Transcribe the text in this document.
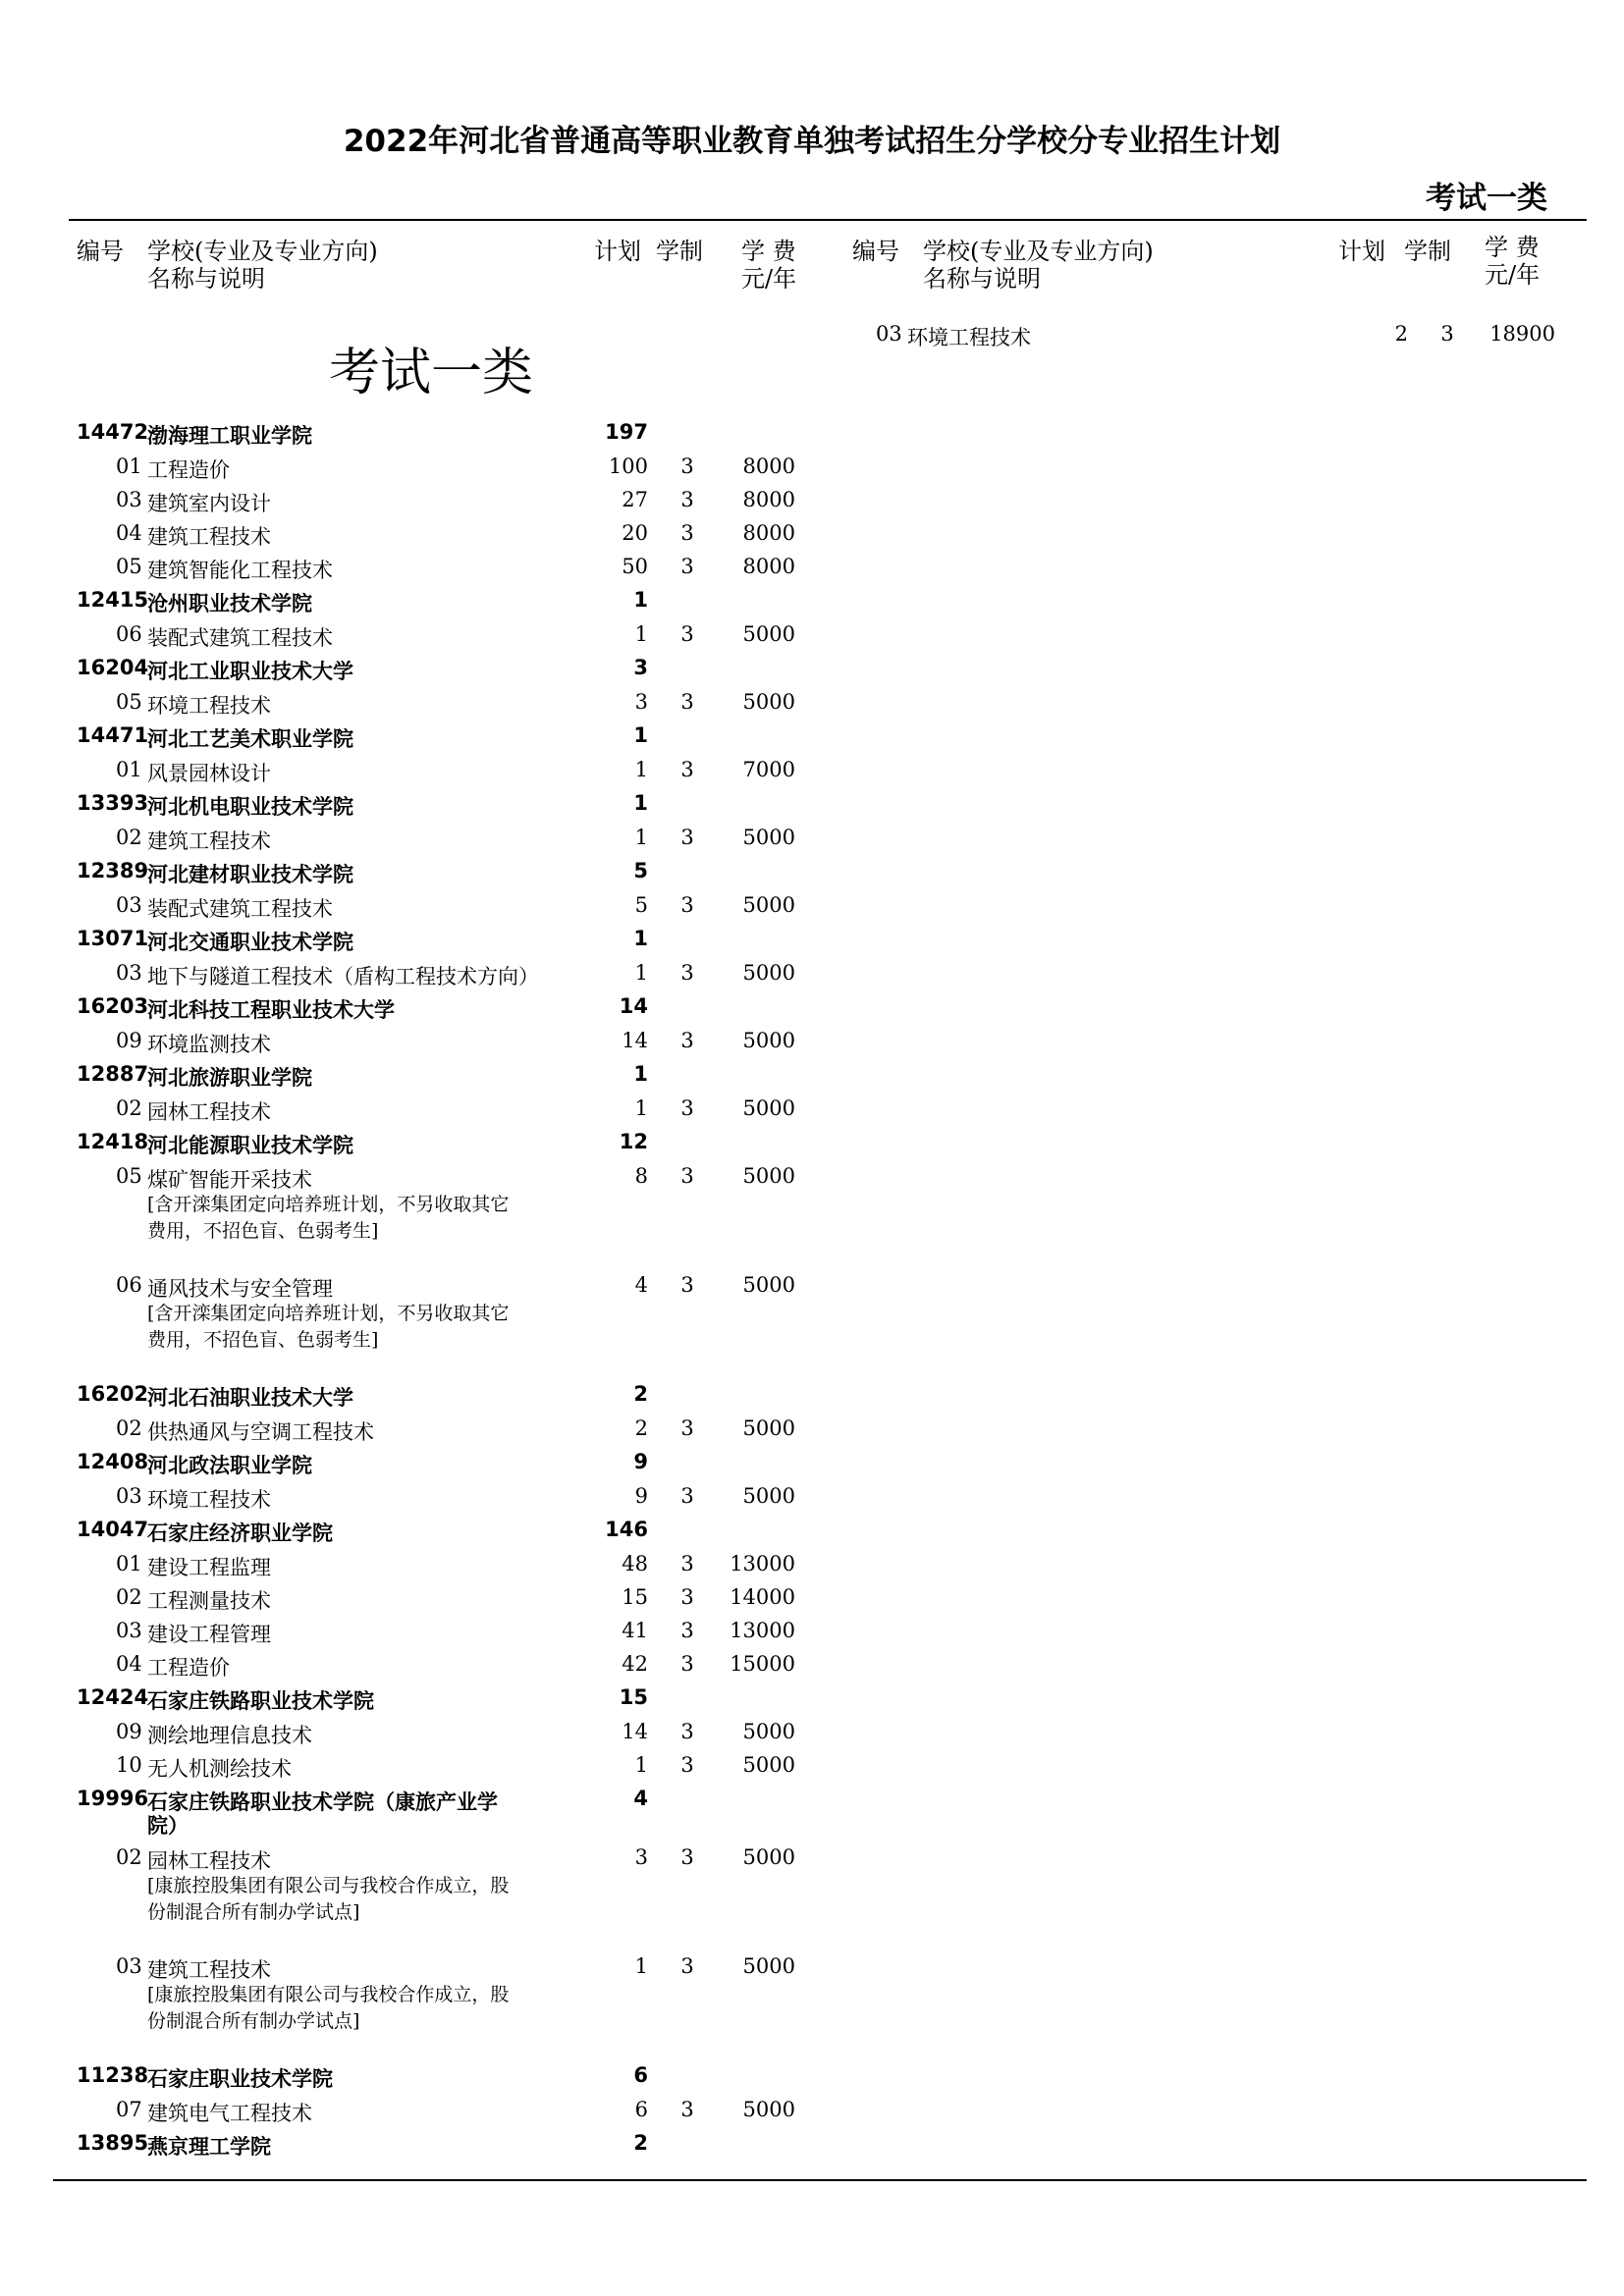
2022年河北省普通高等职业教育单独考试招生分学校分专业招生计划
考试一类
编号 学校(专业及专业方向)
名称与说明
计划 学制 学 费
元/年
编号 学校(专业及专业方向)
名称与说明
计划 学制 学 费
元/年
考试一类
14472
渤海理工职业学院	197
01 工程造价	100 3	8000
03 建筑室内设计	27 3	8000
04 建筑工程技术	20 3	8000
05 建筑智能化工程技术	50 3	8000
12415
沧州职业技术学院	1
06 装配式建筑工程技术	1 3	5000
16204
河北工业职业技术大学	3
05 环境工程技术	3 3	5000
14471
河北工艺美术职业学院	1
01 风景园林设计	1 3	7000
13393
河北机电职业技术学院	1
02 建筑工程技术	1 3	5000
12389
河北建材职业技术学院	5
03 装配式建筑工程技术	5 3	5000
13071
河北交通职业技术学院	1
03 地下与隧道工程技术（盾构工程技术方向）	1 3	5000
16203
河北科技工程职业技术大学	14
09 环境监测技术	14 3	5000
12887
河北旅游职业学院	1
02 园林工程技术	1 3	5000
12418
河北能源职业技术学院	12
05 煤矿智能开采技术	8 3	5000
[含开滦集团定向培养班计划，不另收取其它
费用，不招色盲、色弱考生]
06 通风技术与安全管理	4 3	5000
[含开滦集团定向培养班计划，不另收取其它
费用，不招色盲、色弱考生]
16202
河北石油职业技术大学	2
02 供热通风与空调工程技术	2 3	5000
12408
河北政法职业学院	9
03 环境工程技术	9 3	5000
14047
石家庄经济职业学院	146
01 建设工程监理	48 3	13000
02 工程测量技术	15 3	14000
03 建设工程管理	41 3	13000
04 工程造价	42 3	15000
12424
石家庄铁路职业技术学院	15
09 测绘地理信息技术	14 3	5000
10 无人机测绘技术	1 3	5000
19996
石家庄铁路职业技术学院（康旅产业学	4
院）
02 园林工程技术	3 3	5000
[康旅控股集团有限公司与我校合作成立，股
份制混合所有制办学试点]
03 建筑工程技术	1 3	5000
[康旅控股集团有限公司与我校合作成立，股
份制混合所有制办学试点]
11238
石家庄职业技术学院	6
07 建筑电气工程技术	6 3	5000
13895
燕京理工学院	2
03 环境工程技术	2 3	18900
